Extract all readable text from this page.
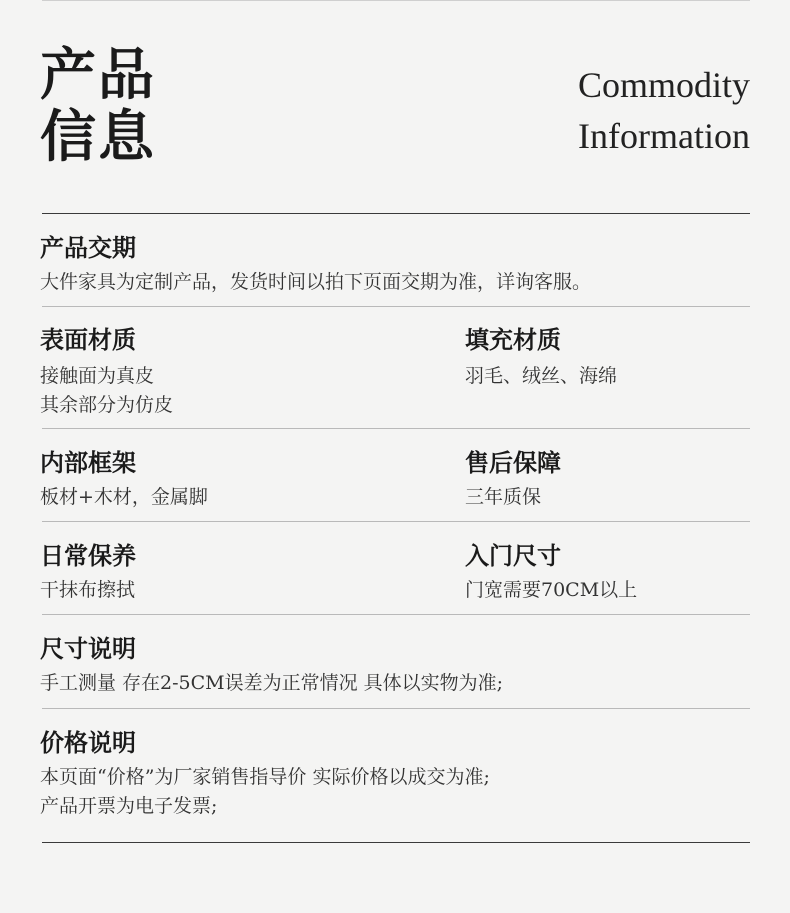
产品
信息
Commodity
Information
产品交期
大件家具为定制产品，发货时间以拍下页面交期为准，详询客服。
表面材质
接触面为真皮
其余部分为仿皮
填充材质
羽毛、绒丝、海绵
内部框架
板材+木材，金属脚
售后保障
三年质保
日常保养
干抹布擦拭
入门尺寸
门宽需要70CM以上
尺寸说明
手工测量 存在2-5CM误差为正常情况 具体以实物为准;
价格说明
本页面“价格”为厂家销售指导价 实际价格以成交为准;
产品开票为电子发票;
